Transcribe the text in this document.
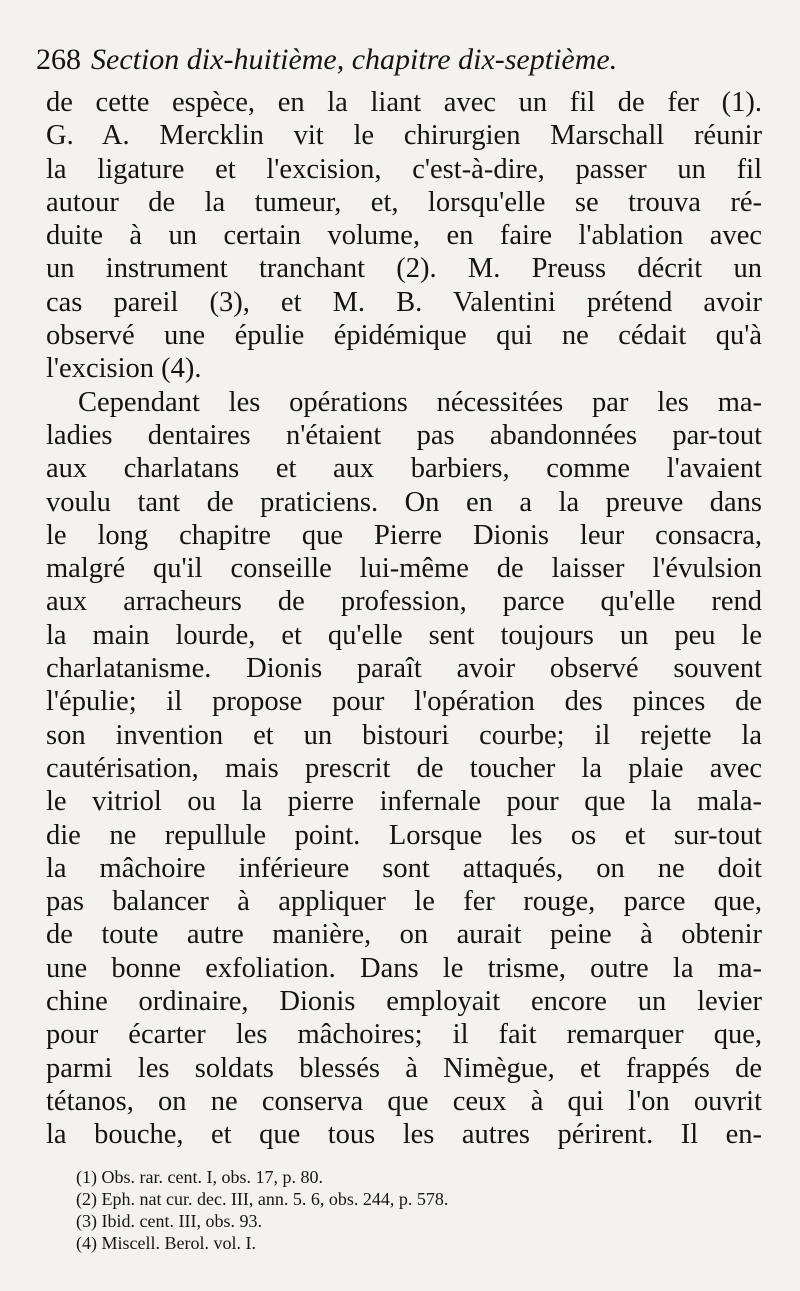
268 Section dix-huitième, chapitre dix-septième.
de cette espèce, en la liant avec un fil de fer (1).
G. A. Mercklin vit le chirurgien Marschall réunir
la ligature et l'excision, c'est-à-dire, passer un fil
autour de la tumeur, et, lorsqu'elle se trouva ré-
duite à un certain volume, en faire l'ablation avec
un instrument tranchant (2). M. Preuss décrit un
cas pareil (3), et M. B. Valentini prétend avoir
observé une épulie épidémique qui ne cédait qu'à
l'excision (4).
Cependant les opérations nécessitées par les ma-
ladies dentaires n'étaient pas abandonnées par-tout
aux charlatans et aux barbiers, comme l'avaient
voulu tant de praticiens. On en a la preuve dans
le long chapitre que Pierre Dionis leur consacra,
malgré qu'il conseille lui-même de laisser l'évulsion
aux arracheurs de profession, parce qu'elle rend
la main lourde, et qu'elle sent toujours un peu le
charlatanisme. Dionis paraît avoir observé souvent
l'épulie; il propose pour l'opération des pinces de
son invention et un bistouri courbe; il rejette la
cautérisation, mais prescrit de toucher la plaie avec
le vitriol ou la pierre infernale pour que la mala-
die ne repullule point. Lorsque les os et sur-tout
la mâchoire inférieure sont attaqués, on ne doit
pas balancer à appliquer le fer rouge, parce que,
de toute autre manière, on aurait peine à obtenir
une bonne exfoliation. Dans le trisme, outre la ma-
chine ordinaire, Dionis employait encore un levier
pour écarter les mâchoires; il fait remarquer que,
parmi les soldats blessés à Nimègue, et frappés de
tétanos, on ne conserva que ceux à qui l'on ouvrit
la bouche, et que tous les autres périrent. Il en-
(1) Obs. rar. cent. I, obs. 17, p. 80.
(2) Eph. nat cur. dec. III, ann. 5. 6, obs. 244, p. 578.
(3) Ibid. cent. III, obs. 93.
(4) Miscell. Berol. vol. I.
